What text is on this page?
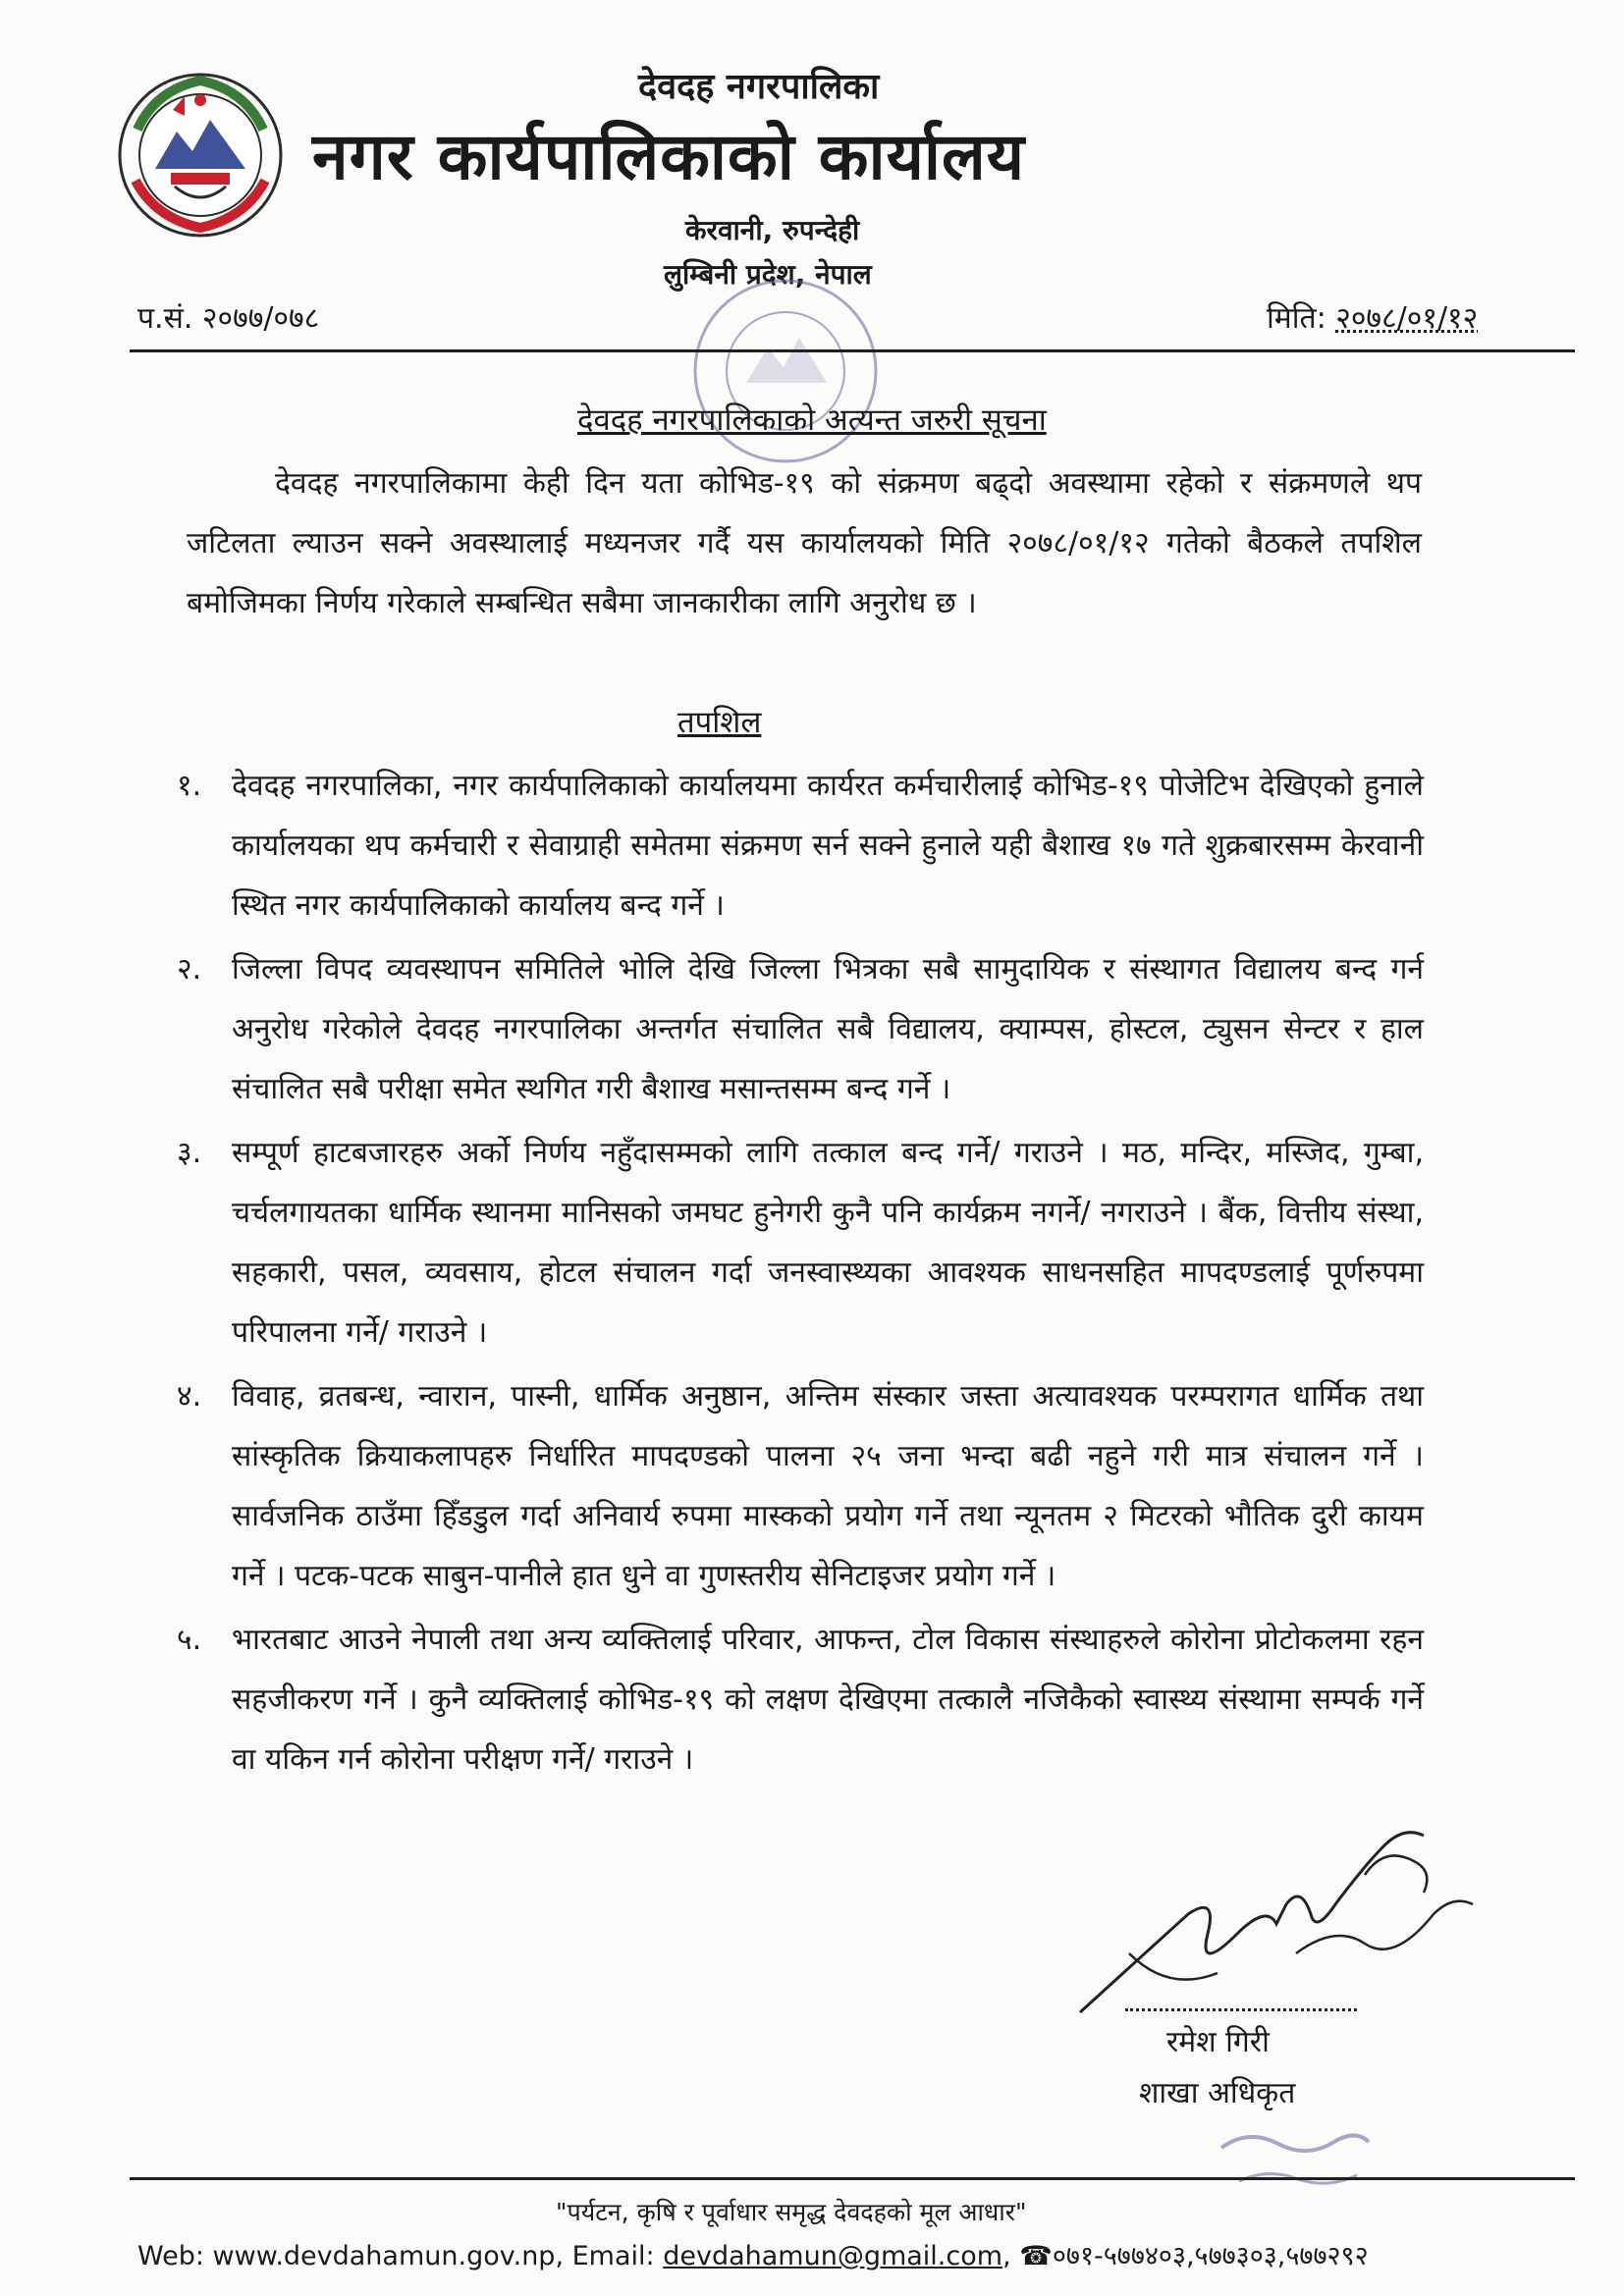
देवदह नगरपालिका
नगर कार्यपालिकाको कार्यालय
केरवानी, रुपन्देही
लुम्बिनी प्रदेश, नेपाल
प.सं. २०७७/०७८	मिति: २०७८/०१/१२
देवदह नगरपालिकाको अत्यन्त जरुरी सूचना

देवदह नगरपालिकामा केही दिन यता कोभिड-१९ को संक्रमण बढ्दो अवस्थामा रहेको र संक्रमणले थप जटिलता ल्याउन सक्ने अवस्थालाई मध्यनजर गर्दै यस कार्यालयको मिति २०७८/०१/१२ गतेको बैठकले तपशिल बमोजिमका निर्णय गरेकाले सम्बन्धित सबैमा जानकारीका लागि अनुरोध छ ।

तपशिल
१.	देवदह नगरपालिका, नगर कार्यपालिकाको कार्यालयमा कार्यरत कर्मचारीलाई कोभिड-१९ पोजेटिभ देखिएको हुनाले कार्यालयका थप कर्मचारी र सेवाग्राही समेतमा संक्रमण सर्न सक्ने हुनाले यही बैशाख १७ गते शुक्रबारसम्म केरवानी स्थित नगर कार्यपालिकाको कार्यालय बन्द गर्ने ।

२.	जिल्ला विपद व्यवस्थापन समितिले भोलि देखि जिल्ला भित्रका सबै सामुदायिक र संस्थागत विद्यालय बन्द गर्न अनुरोध गरेकोले देवदह नगरपालिका अन्तर्गत संचालित सबै विद्यालय, क्याम्पस, होस्टल, ट्युसन सेन्टर र हाल संचालित सबै परीक्षा समेत स्थगित गरी बैशाख मसान्तसम्म बन्द गर्ने ।

३.	सम्पूर्ण हाटबजारहरु अर्को निर्णय नहुँदासम्मको लागि तत्काल बन्द गर्ने/ गराउने । मठ, मन्दिर, मस्जिद, गुम्बा, चर्चलगायतका धार्मिक स्थानमा मानिसको जमघट हुनेगरी कुनै पनि कार्यक्रम नगर्ने/ नगराउने । बैंक, वित्तीय संस्था, सहकारी, पसल, व्यवसाय, होटल संचालन गर्दा जनस्वास्थ्यका आवश्यक साधनसहित मापदण्डलाई पूर्णरुपमा परिपालना गर्ने/ गराउने ।

४.	विवाह, व्रतबन्ध, न्वारान, पास्नी, धार्मिक अनुष्ठान, अन्तिम संस्कार जस्ता अत्यावश्यक परम्परागत धार्मिक तथा सांस्कृतिक क्रियाकलापहरु निर्धारित मापदण्डको पालना २५ जना भन्दा बढी नहुने गरी मात्र संचालन गर्ने । सार्वजनिक ठाउँमा हिँडडुल गर्दा अनिवार्य रुपमा मास्कको प्रयोग गर्ने तथा न्यूनतम २ मिटरको भौतिक दुरी कायम गर्ने । पटक-पटक साबुन-पानीले हात धुने वा गुणस्तरीय सेनिटाइजर प्रयोग गर्ने ।

५.	भारतबाट आउने नेपाली तथा अन्य व्यक्तिलाई परिवार, आफन्त, टोल विकास संस्थाहरुले कोरोना प्रोटोकलमा रहन सहजीकरण गर्ने । कुनै व्यक्तिलाई कोभिड-१९ को लक्षण देखिएमा तत्कालै नजिकैको स्वास्थ्य संस्थामा सम्पर्क गर्ने वा यकिन गर्न कोरोना परीक्षण गर्ने/ गराउने ।

रमेश गिरी
शाखा अधिकृत
"पर्यटन, कृषि र पूर्वाधार समृद्ध देवदहको मूल आधार"
Web: www.devdahamun.gov.np, Email: devdahamun@gmail.com, ☎०७१-५७७४०३,५७७३०३,५७७२९२
